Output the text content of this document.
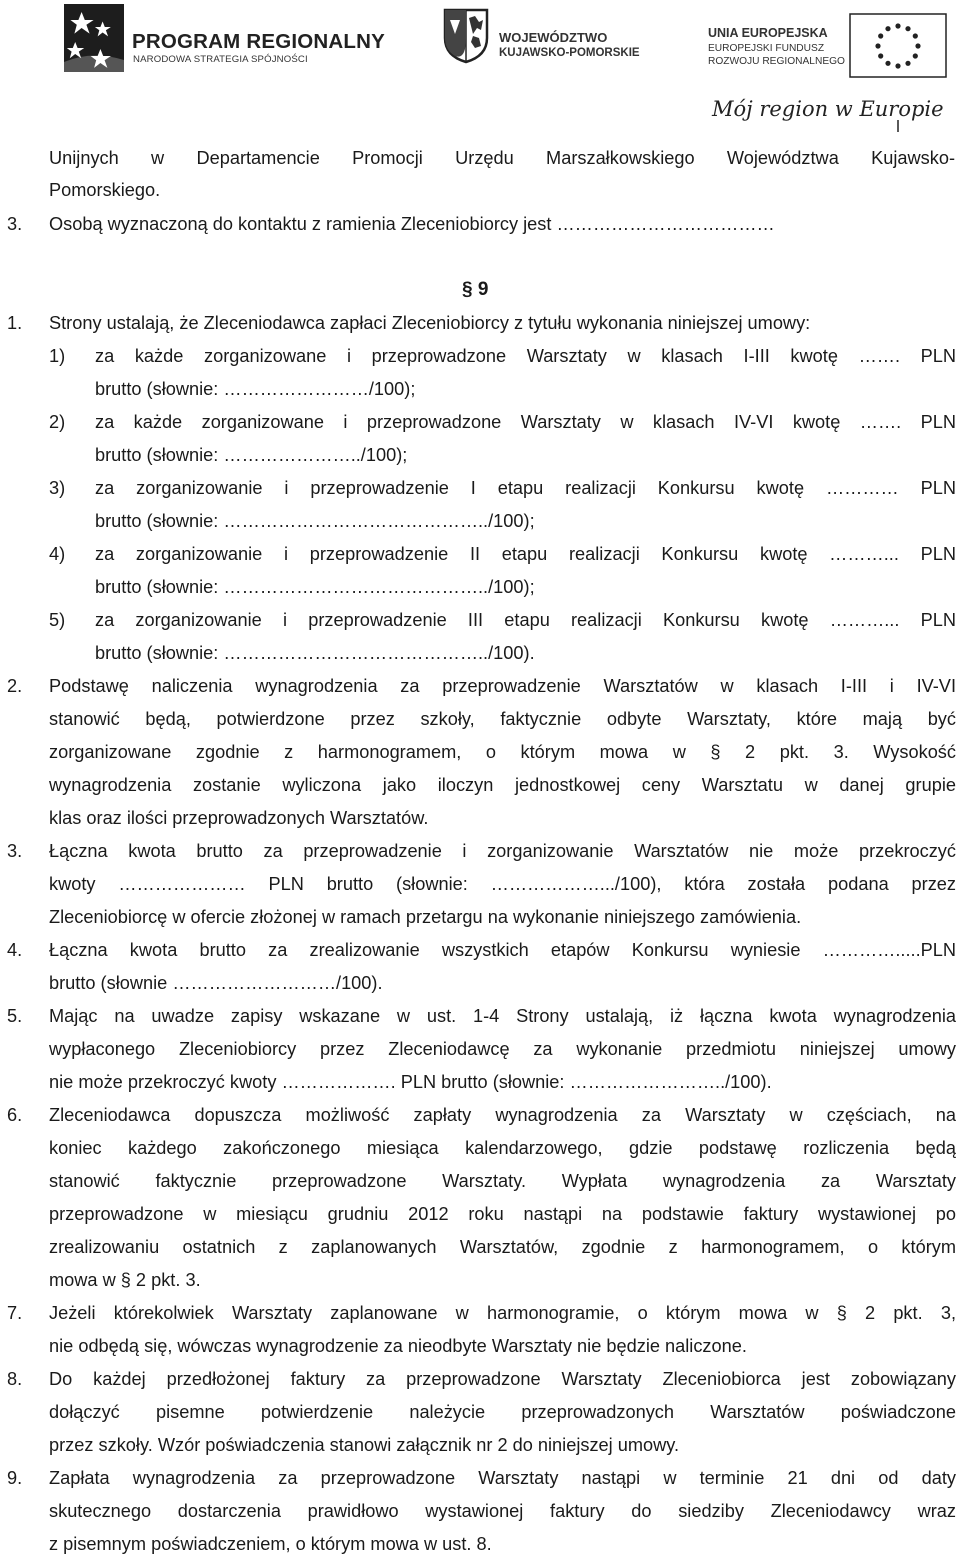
PROGRAM REGIONALNY
NARODOWA STRATEGIA SPÓJNOŚCI
WOJEWÓDZTWO
KUJAWSKO-POMORSKIE
UNIA EUROPEJSKA
EUROPEJSKI FUNDUSZ
ROZWOJU REGIONALNEGO
Mój region w Europie
Unijnych w Departamencie Promocji Urzędu Marszałkowskiego Województwa Kujawsko-
Pomorskiego.
3. Osobą wyznaczoną do kontaktu z ramienia Zleceniobiorcy jest ………………………………
§ 9
1. Strony ustalają, że Zleceniodawca zapłaci Zleceniobiorcy z tytułu wykonania niniejszej umowy:
1) za każde zorganizowane i przeprowadzone Warsztaty w klasach I-III kwotę ……. PLN
brutto (słownie: ……………………/100);
2) za każde zorganizowane i przeprowadzone Warsztaty w klasach IV-VI kwotę ……. PLN
brutto (słownie: …………………../100);
3) za zorganizowanie i przeprowadzenie I etapu realizacji Konkursu kwotę ………… PLN
brutto (słownie: ……………………………………../100);
4) za zorganizowanie i przeprowadzenie II etapu realizacji Konkursu kwotę ………... PLN
brutto (słownie: ……………………………………../100);
5) za zorganizowanie i przeprowadzenie III etapu realizacji Konkursu kwotę ………... PLN
brutto (słownie: ……………………………………../100).
2. Podstawę naliczenia wynagrodzenia za przeprowadzenie Warsztatów w klasach I-III i IV-VI
stanowić będą, potwierdzone przez szkoły, faktycznie odbyte Warsztaty, które mają być
zorganizowane zgodnie z harmonogramem, o którym mowa w § 2 pkt. 3. Wysokość
wynagrodzenia zostanie wyliczona jako iloczyn jednostkowej ceny Warsztatu w danej grupie
klas oraz ilości przeprowadzonych Warsztatów.
3. Łączna kwota brutto za przeprowadzenie i zorganizowanie Warsztatów nie może przekroczyć
kwoty ………………… PLN brutto (słownie: ……………….../100), która została podana przez
Zleceniobiorcę w ofercie złożonej w ramach przetargu na wykonanie niniejszego zamówienia.
4. Łączna kwota brutto za zrealizowanie wszystkich etapów Konkursu wyniesie ………….....PLN
brutto (słownie ………………………/100).
5. Mając na uwadze zapisy wskazane w ust. 1-4 Strony ustalają, iż łączna kwota wynagrodzenia
wypłaconego Zleceniobiorcy przez Zleceniodawcę za wykonanie przedmiotu niniejszej umowy
nie może przekroczyć kwoty ………………. PLN brutto (słownie: ……………………../100).
6. Zleceniodawca dopuszcza możliwość zapłaty wynagrodzenia za Warsztaty w częściach, na
koniec każdego zakończonego miesiąca kalendarzowego, gdzie podstawę rozliczenia będą
stanowić faktycznie przeprowadzone Warsztaty. Wypłata wynagrodzenia za Warsztaty
przeprowadzone w miesiącu grudniu 2012 roku nastąpi na podstawie faktury wystawionej po
zrealizowaniu ostatnich z zaplanowanych Warsztatów, zgodnie z harmonogramem, o którym
mowa w § 2 pkt. 3.
7. Jeżeli którekolwiek Warsztaty zaplanowane w harmonogramie, o którym mowa w § 2 pkt. 3,
nie odbędą się, wówczas wynagrodzenie za nieodbyte Warsztaty nie będzie naliczone.
8. Do każdej przedłożonej faktury za przeprowadzone Warsztaty Zleceniobiorca jest zobowiązany
dołączyć pisemne potwierdzenie należycie przeprowadzonych Warsztatów poświadczone
przez szkoły. Wzór poświadczenia stanowi załącznik nr 2 do niniejszej umowy.
9. Zapłata wynagrodzenia za przeprowadzone Warsztaty nastąpi w terminie 21 dni od daty
skutecznego dostarczenia prawidłowo wystawionej faktury do siedziby Zleceniodawcy wraz
z pisemnym poświadczeniem, o którym mowa w ust. 8.
